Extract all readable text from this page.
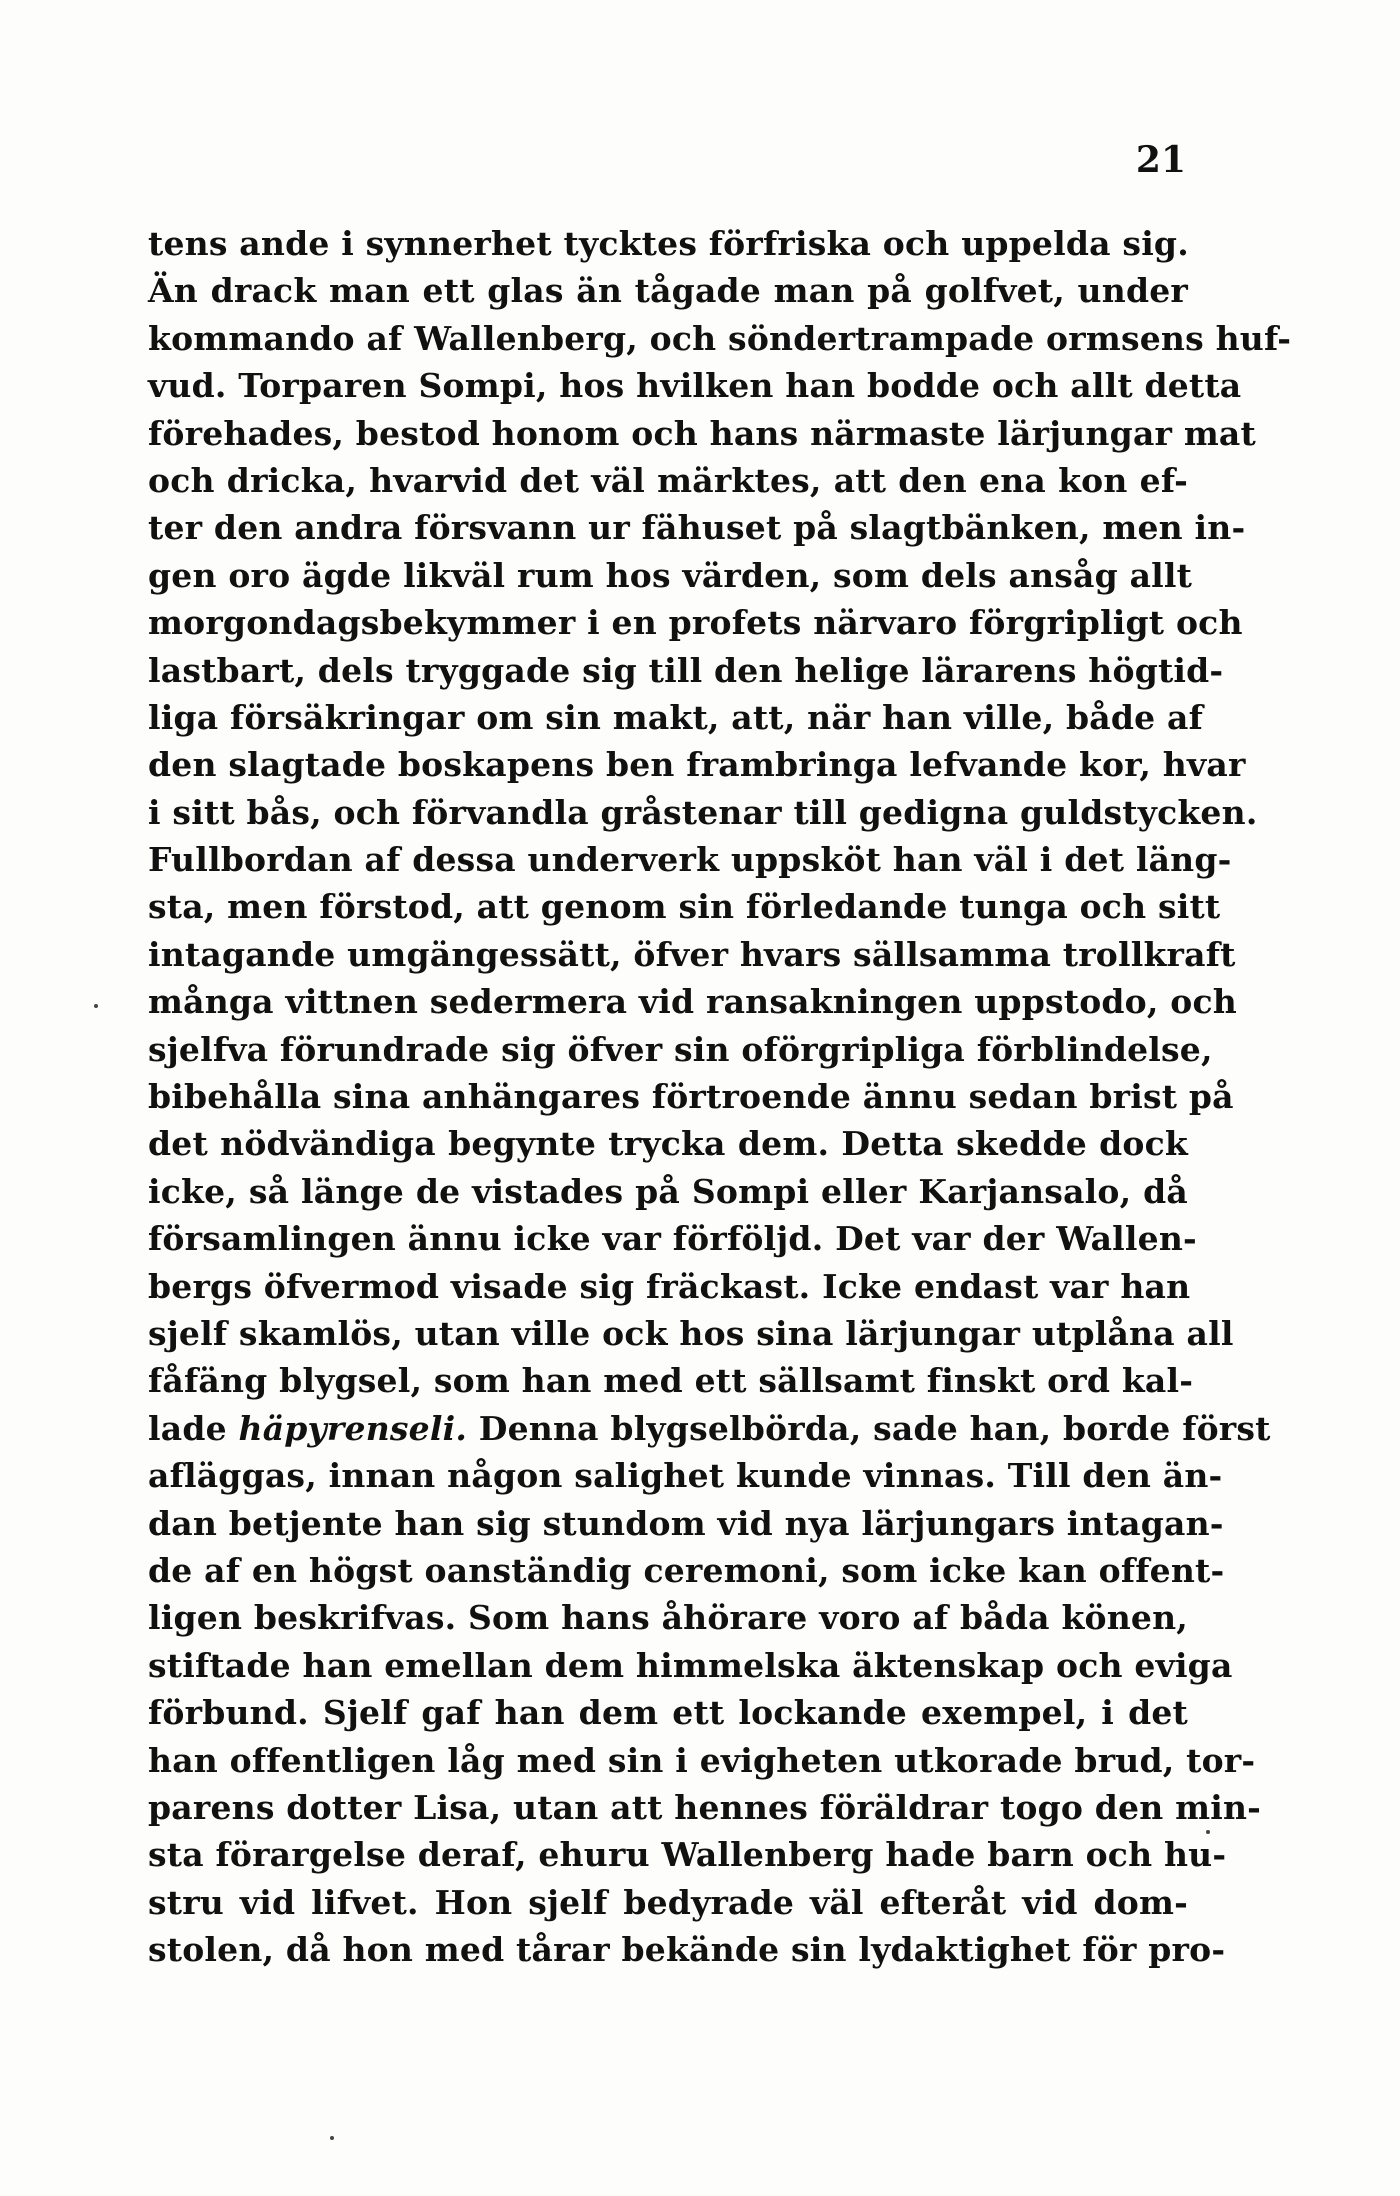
21
tens ande i synnerhet tycktes förfriska och uppelda sig.
Än drack man ett glas än tågade man på golfvet, under
kommando af Wallenberg, och söndertrampade ormsens huf-
vud. Torparen Sompi, hos hvilken han bodde och allt detta
förehades, bestod honom och hans närmaste lärjungar mat
och dricka, hvarvid det väl märktes, att den ena kon ef-
ter den andra försvann ur fähuset på slagtbänken, men in-
gen oro ägde likväl rum hos värden, som dels ansåg allt
morgondagsbekymmer i en profets närvaro förgripligt och
lastbart, dels tryggade sig till den helige lärarens högtid-
liga försäkringar om sin makt, att, när han ville, både af
den slagtade boskapens ben frambringa lefvande kor, hvar
i sitt bås, och förvandla gråstenar till gedigna guldstycken.
Fullbordan af dessa underverk uppsköt han väl i det läng-
sta, men förstod, att genom sin förledande tunga och sitt
intagande umgängessätt, öfver hvars sällsamma trollkraft
många vittnen sedermera vid ransakningen uppstodo, och
sjelfva förundrade sig öfver sin oförgripliga förblindelse,
bibehålla sina anhängares förtroende ännu sedan brist på
det nödvändiga begynte trycka dem. Detta skedde dock
icke, så länge de vistades på Sompi eller Karjansalo, då
församlingen ännu icke var förföljd. Det var der Wallen-
bergs öfvermod visade sig fräckast. Icke endast var han
sjelf skamlös, utan ville ock hos sina lärjungar utplåna all
fåfäng blygsel, som han med ett sällsamt finskt ord kal-
lade häpyrenseli. Denna blygselbörda, sade han, borde först
afläggas, innan någon salighet kunde vinnas. Till den än-
dan betjente han sig stundom vid nya lärjungars intagan-
de af en högst oanständig ceremoni, som icke kan offent-
ligen beskrifvas. Som hans åhörare voro af båda könen,
stiftade han emellan dem himmelska äktenskap och eviga
förbund. Sjelf gaf han dem ett lockande exempel, i det
han offentligen låg med sin i evigheten utkorade brud, tor-
parens dotter Lisa, utan att hennes föräldrar togo den min-
sta förargelse deraf, ehuru Wallenberg hade barn och hu-
stru vid lifvet. Hon sjelf bedyrade väl efteråt vid dom-
stolen, då hon med tårar bekände sin lydaktighet för pro-
